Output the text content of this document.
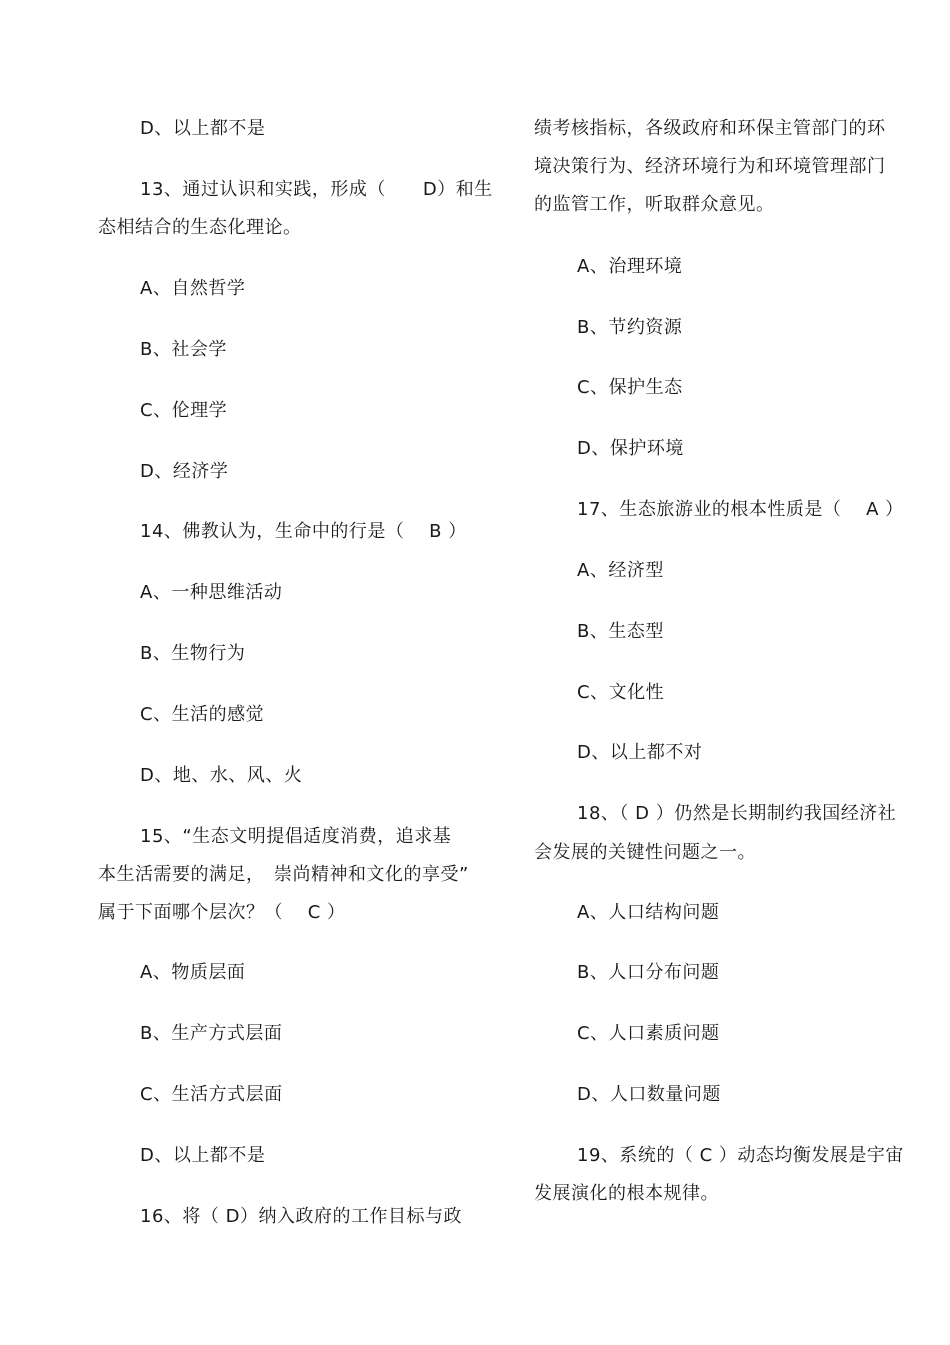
D、以上都不是
13、通过认识和实践，形成（　　D）和生
态相结合的生态化理论。
A、自然哲学
B、社会学
C、伦理学
D、经济学
14、佛教认为，生命中的行是（　 B ）
A、一种思维活动
B、生物行为
C、生活的感觉
D、地、水、风、火
15、“生态文明提倡适度消费，追求基
本生活需要的满足，　崇尚精神和文化的享受”
属于下面哪个层次？（　 C ）
A、物质层面
B、生产方式层面
C、生活方式层面
D、以上都不是
16、将（ D）纳入政府的工作目标与政
绩考核指标，各级政府和环保主管部门的环
境决策行为、经济环境行为和环境管理部门
的监管工作，听取群众意见。
A、治理环境
B、节约资源
C、保护生态
D、保护环境
17、生态旅游业的根本性质是（　 A ）
A、经济型
B、生态型
C、文化性
D、以上都不对
18、（ D ）仍然是长期制约我国经济社
会发展的关键性问题之一。
A、人口结构问题
B、人口分布问题
C、人口素质问题
D、人口数量问题
19、系统的（ C ）动态均衡发展是宇宙
发展演化的根本规律。
